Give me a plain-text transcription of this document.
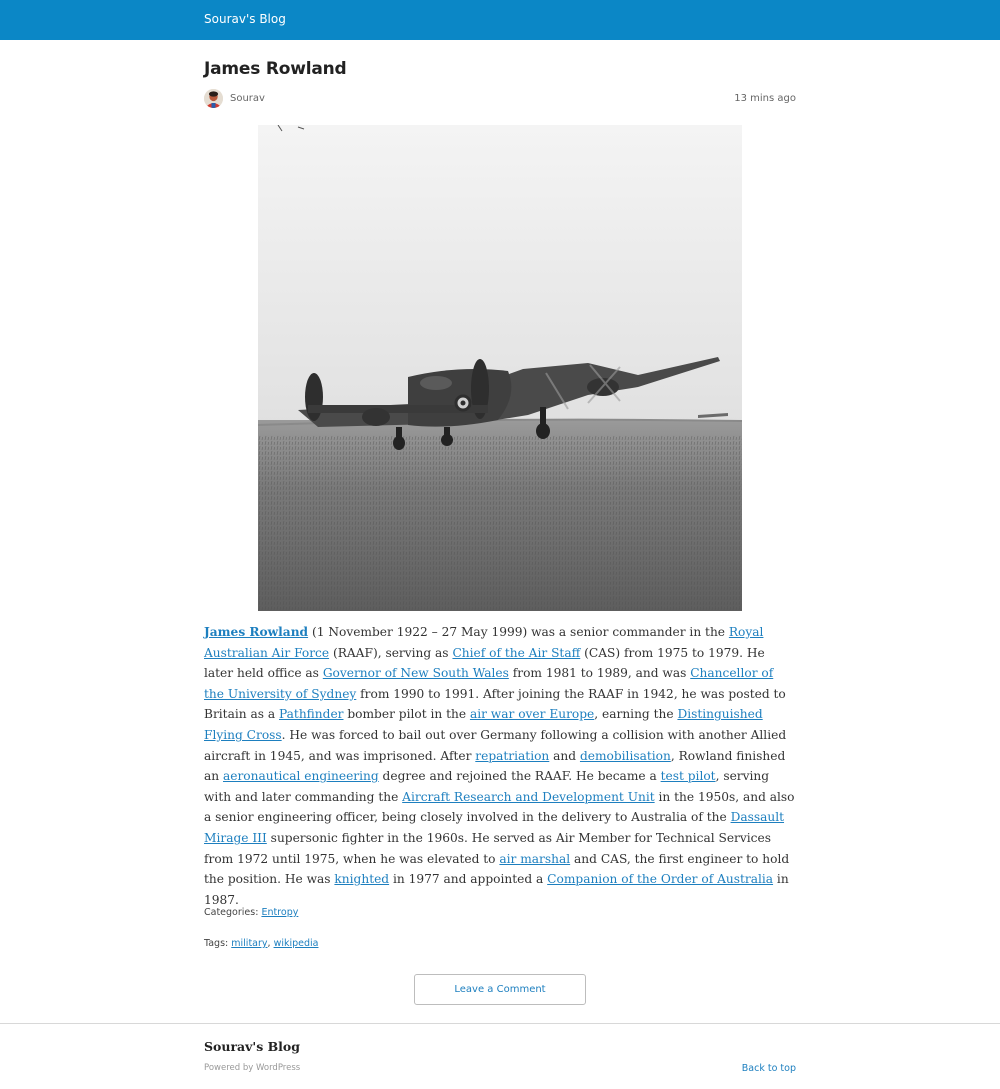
Sourav's Blog
James Rowland
Sourav	13 mins ago

James Rowland (1 November 1922 – 27 May 1999) was a senior commander in the Royal Australian Air Force (RAAF), serving as Chief of the Air Staff (CAS) from 1975 to 1979. He later held office as Governor of New South Wales from 1981 to 1989, and was Chancellor of the University of Sydney from 1990 to 1991. After joining the RAAF in 1942, he was posted to Britain as a Pathfinder bomber pilot in the air war over Europe, earning the Distinguished Flying Cross. He was forced to bail out over Germany following a collision with another Allied aircraft in 1945, and was imprisoned. After repatriation and demobilisation, Rowland finished an aeronautical engineering degree and rejoined the RAAF. He became a test pilot, serving with and later commanding the Aircraft Research and Development Unit in the 1950s, and also a senior engineering officer, being closely involved in the delivery to Australia of the Dassault Mirage III supersonic fighter in the 1960s. He served as Air Member for Technical Services from 1972 until 1975, when he was elevated to air marshal and CAS, the first engineer to hold the position. He was knighted in 1977 and appointed a Companion of the Order of Australia in 1987.

Categories: Entropy
Tags: military, wikipedia
Leave a Comment
Sourav's Blog
Powered by WordPress	Back to top
